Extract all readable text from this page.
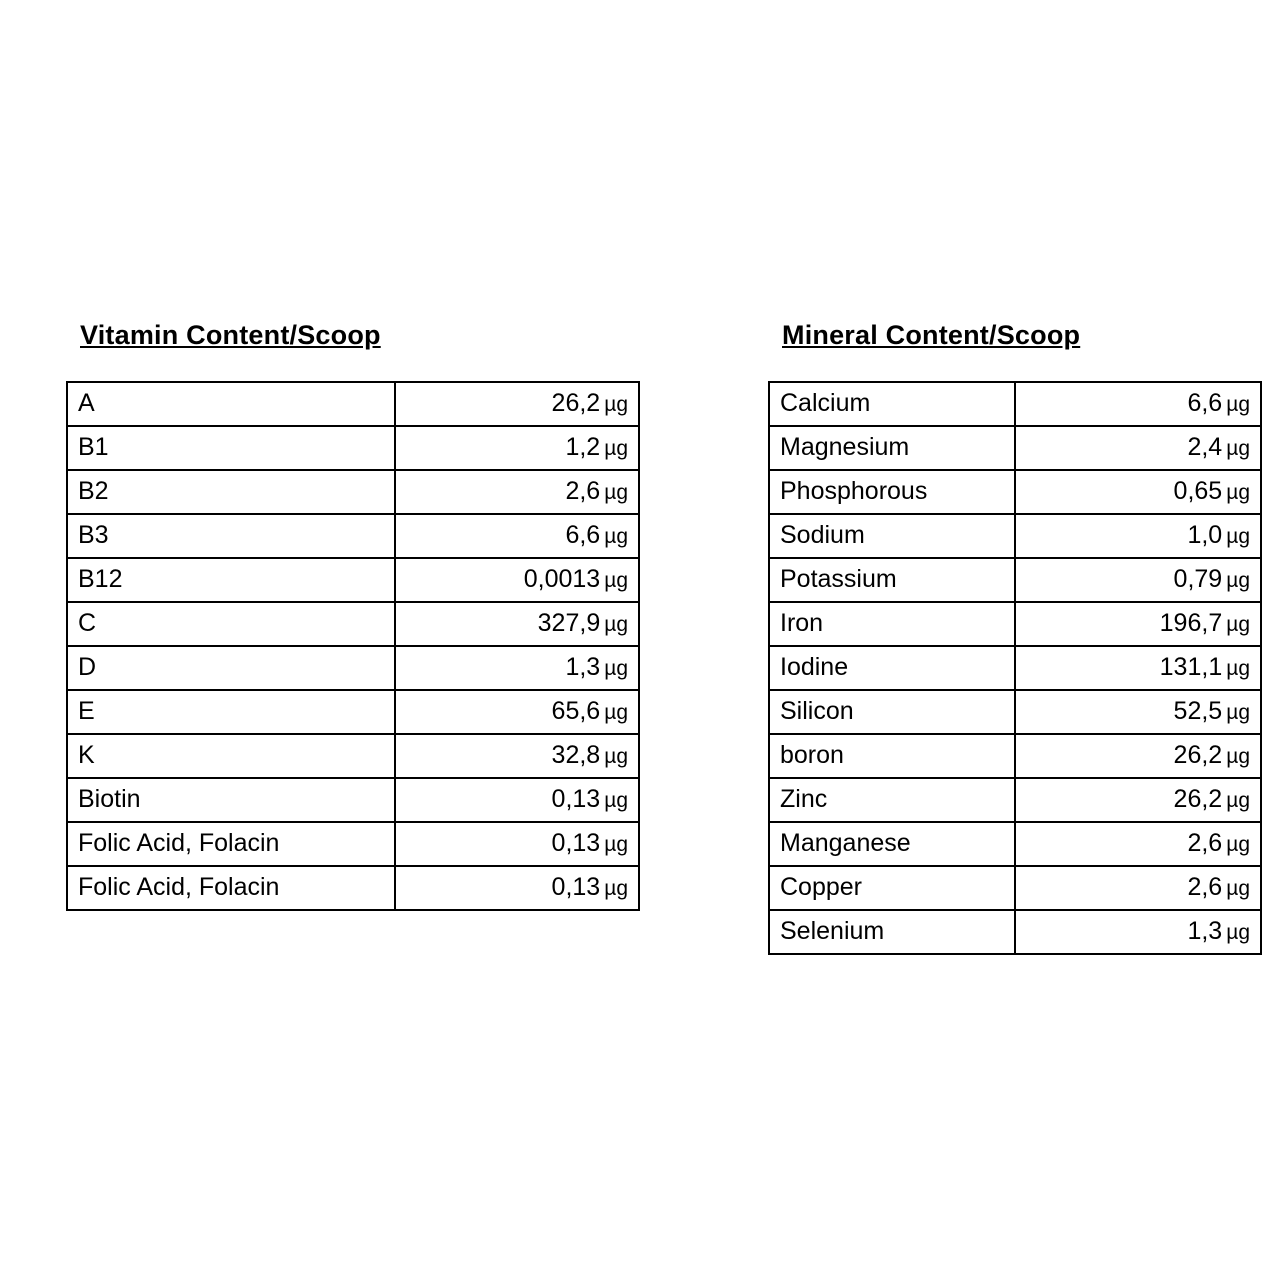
Vitamin Content/Scoop
A	26,2 µg
B1	1,2 µg
B2	2,6 µg
B3	6,6 µg
B12	0,0013 µg
C	327,9 µg
D	1,3 µg
E	65,6 µg
K	32,8 µg
Biotin	0,13 µg
Folic Acid, Folacin	0,13 µg
Folic Acid, Folacin	0,13 µg
Mineral Content/Scoop
Calcium	6,6 µg
Magnesium	2,4 µg
Phosphorous	0,65 µg
Sodium	1,0 µg
Potassium	0,79 µg
Iron	196,7 µg
Iodine	131,1 µg
Silicon	52,5 µg
boron	26,2 µg
Zinc	26,2 µg
Manganese	2,6 µg
Copper	2,6 µg
Selenium	1,3 µg
